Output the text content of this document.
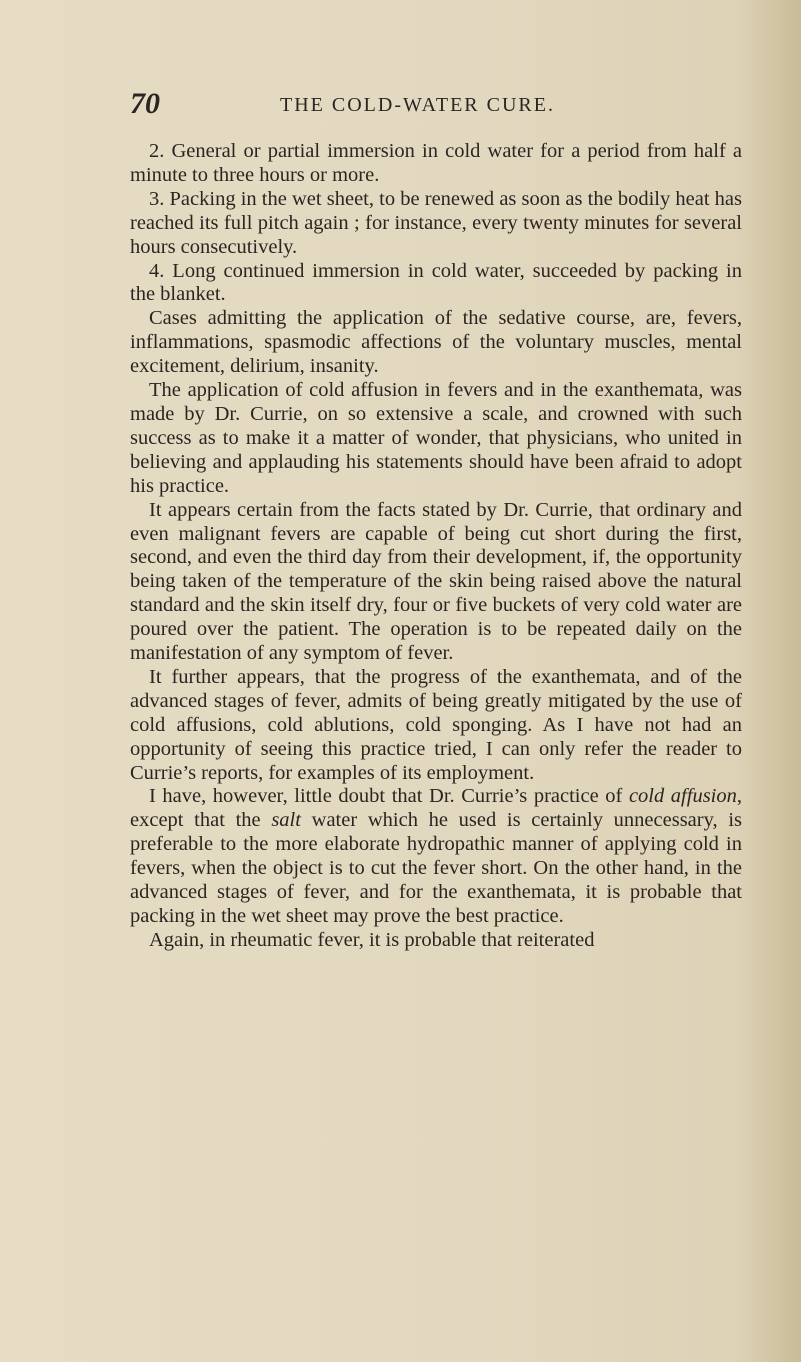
70	THE COLD-WATER CURE.

2. General or partial immersion in cold water for a period from half a minute to three hours or more.

3. Packing in the wet sheet, to be renewed as soon as the bodily heat has reached its full pitch again ; for instance, every twenty minutes for several hours consecutively.

4. Long continued immersion in cold water, succeeded by packing in the blanket.

Cases admitting the application of the sedative course, are, fevers, inflammations, spasmodic affections of the voluntary muscles, mental excitement, delirium, insanity.

The application of cold affusion in fevers and in the exanthemata, was made by Dr. Currie, on so extensive a scale, and crowned with such success as to make it a matter of wonder, that physicians, who united in believing and applauding his statements should have been afraid to adopt his practice.

It appears certain from the facts stated by Dr. Currie, that ordinary and even malignant fevers are capable of being cut short during the first, second, and even the third day from their development, if, the opportunity being taken of the temperature of the skin being raised above the natural standard and the skin itself dry, four or five buckets of very cold water are poured over the patient. The operation is to be repeated daily on the manifestation of any symptom of fever.

It further appears, that the progress of the exanthemata, and of the advanced stages of fever, admits of being greatly mitigated by the use of cold affusions, cold ablutions, cold sponging. As I have not had an opportunity of seeing this practice tried, I can only refer the reader to Currie’s reports, for examples of its employment.

I have, however, little doubt that Dr. Currie’s practice of cold affusion, except that the salt water which he used is certainly unnecessary, is preferable to the more elaborate hydropathic manner of applying cold in fevers, when the object is to cut the fever short. On the other hand, in the advanced stages of fever, and for the exanthemata, it is probable that packing in the wet sheet may prove the best practice.

Again, in rheumatic fever, it is probable that reiterated
